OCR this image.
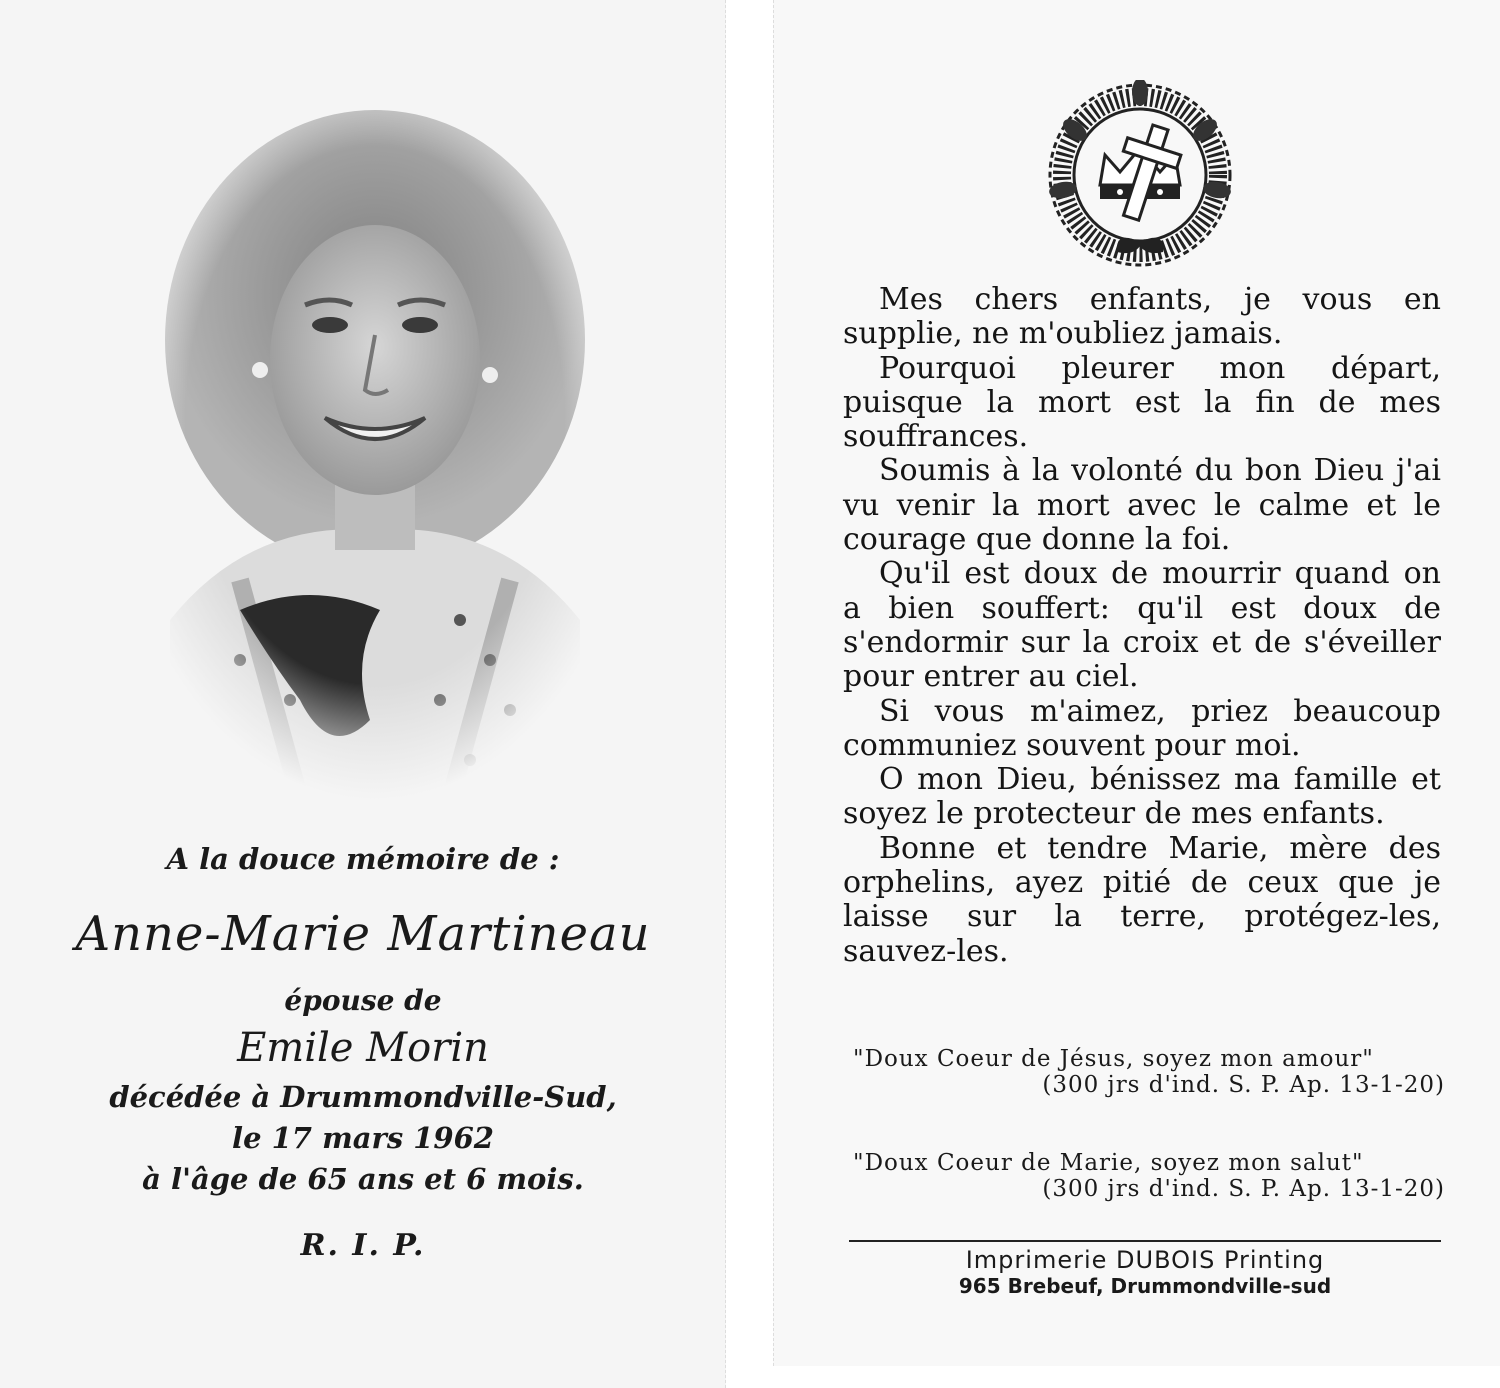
A la douce mémoire de :
Anne-Marie Martineau
épouse de
Emile Morin
décédée à Drummondville-Sud,
le 17 mars 1962
à l'âge de 65 ans et 6 mois.
R. I. P.

Mes chers enfants, je vous en supplie, ne m'oubliez jamais.

Pourquoi pleurer mon départ, puisque la mort est la fin de mes souffrances.

Soumis à la volonté du bon Dieu j'ai vu venir la mort avec le calme et le courage que donne la foi.

Qu'il est doux de mourrir quand on a bien souffert: qu'il est doux de s'endormir sur la croix et de s'éveiller pour entrer au ciel.

Si vous m'aimez, priez beaucoup communiez souvent pour moi.

O mon Dieu, bénissez ma famille et soyez le protecteur de mes enfants.

Bonne et tendre Marie, mère des orphelins, ayez pitié de ceux que je laisse sur la terre, protégez-les, sauvez-les.

"Doux Coeur de Jésus, soyez mon amour"
(300 jrs d'ind. S. P. Ap. 13-1-20)
"Doux Coeur de Marie, soyez mon salut"
(300 jrs d'ind. S. P. Ap. 13-1-20)
Imprimerie DUBOIS Printing
965 Brebeuf, Drummondville-sud
